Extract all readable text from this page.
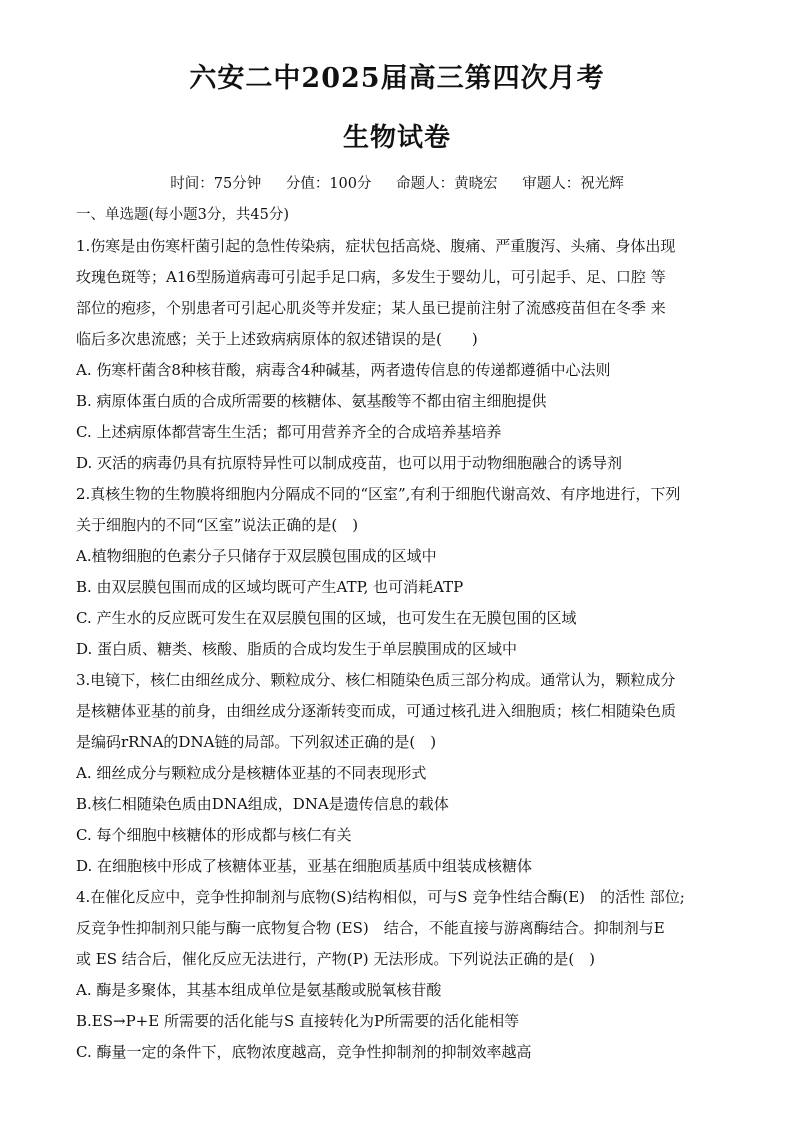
六安二中2025届高三第四次月考
生物试卷
时间：75分钟 分值：100分 命题人：黄晓宏 审题人：祝光辉
一、单选题(每小题3分，共45分)
1.伤寒是由伤寒杆菌引起的急性传染病，症状包括高烧、腹痛、严重腹泻、头痛、身体出现
玫瑰色斑等；A16型肠道病毒可引起手足口病，多发生于婴幼儿，可引起手、足、口腔 等
部位的疱疹，个别患者可引起心肌炎等并发症；某人虽已提前注射了流感疫苗但在冬季 来
临后多次患流感；关于上述致病病原体的叙述错误的是(　　)
A. 伤寒杆菌含8种核苷酸，病毒含4种碱基，两者遗传信息的传递都遵循中心法则
B. 病原体蛋白质的合成所需要的核糖体、氨基酸等不都由宿主细胞提供
C. 上述病原体都营寄生生活；都可用营养齐全的合成培养基培养
D. 灭活的病毒仍具有抗原特异性可以制成疫苗，也可以用于动物细胞融合的诱导剂
2.真核生物的生物膜将细胞内分隔成不同的“区室”,有利于细胞代谢高效、有序地进行，下列
关于细胞内的不同“区室”说法正确的是(　)
A.植物细胞的色素分子只储存于双层膜包围成的区域中
B. 由双层膜包围而成的区域均既可产生ATP, 也可消耗ATP
C. 产生水的反应既可发生在双层膜包围的区域，也可发生在无膜包围的区域
D. 蛋白质、糖类、核酸、脂质的合成均发生于单层膜围成的区域中
3.电镜下，核仁由细丝成分、颗粒成分、核仁相随染色质三部分构成。通常认为，颗粒成分
是核糖体亚基的前身，由细丝成分逐渐转变而成，可通过核孔进入细胞质；核仁相随染色质
是编码rRNA的DNA链的局部。下列叙述正确的是(　)
A. 细丝成分与颗粒成分是核糖体亚基的不同表现形式
B.核仁相随染色质由DNA组成，DNA是遗传信息的载体
C. 每个细胞中核糖体的形成都与核仁有关
D. 在细胞核中形成了核糖体亚基，亚基在细胞质基质中组装成核糖体
4.在催化反应中，竞争性抑制剂与底物(S)结构相似，可与S 竞争性结合酶(E)　的活性 部位;
反竞争性抑制剂只能与酶一底物复合物 (ES)　结合，不能直接与游离酶结合。抑制剂与E
或 ES 结合后，催化反应无法进行，产物(P) 无法形成。下列说法正确的是(　)
A. 酶是多聚体，其基本组成单位是氨基酸或脱氧核苷酸
B.ES→P+E 所需要的活化能与S 直接转化为P所需要的活化能相等
C. 酶量一定的条件下，底物浓度越高，竞争性抑制剂的抑制效率越高
